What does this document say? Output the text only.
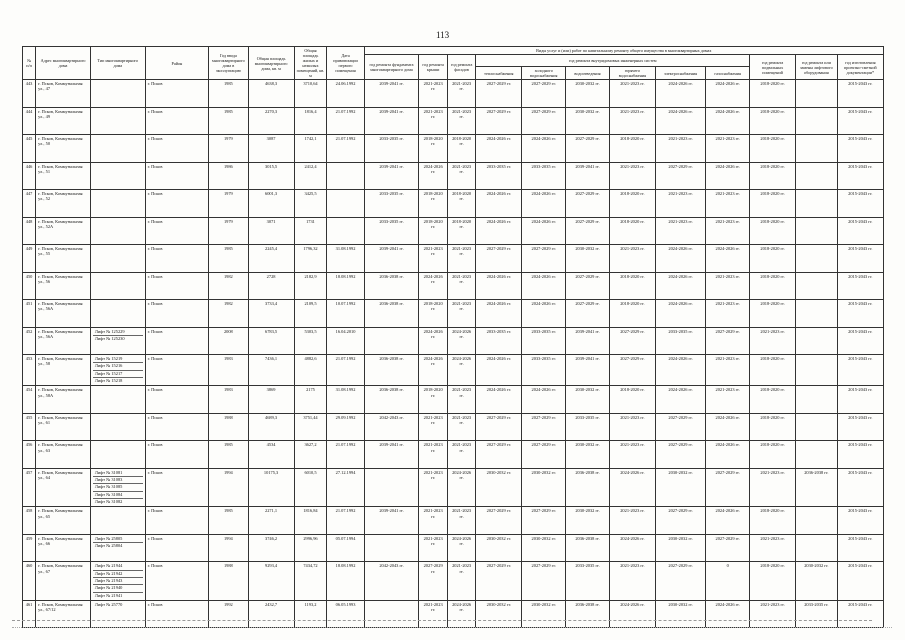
113
№ п/п	Адрес многоквартирного дома	Тип многоквартирного дома	Район	Год ввода многоквартирного дома в эксплуатацию	Общая площадь многоквартирного дома, кв. м	Общая площадь жилых и нежилых помещений, кв. м	Дата приватизации первого помещения	Виды услуг и (или) работ по капитальному ремонту общего имущества в многоквартирных домах											
								год ремонта фундамента многоквартирного дома	год ремонта крыши	год ремонта фасадов	год ремонта внутридомовых инженерных систем						год ремонта подвальных помещений	год ремонта или замены лифтового оборудования	год изготовления проектно-сметной документации*
											теплоснабжения	холодного водоснабжения	водоотведения	горячего водоснабжения	электроснабжения	газоснабжения			
443	г. Псков, Коммунальная ул., 47		г. Псков	1985	4638,3	3710,64	24.06.1992	2039-2041 гг.	2021-2023 гг.	2021-2023 гг.	2027-2029 гг.	2027-2029 гг.	2030-2032 гг.	2021-2023 гг.	2024-2026 гг.	2024-2026 гг.	2018-2020 гг.		2015-2043 гг.
444	г. Псков, Коммунальная ул., 49		г. Псков	1985	2270,3	1816,4	21.07.1992	2039-2041 гг.	2021-2023 гг.	2021-2023 гг.	2027-2029 гг.	2027-2029 гг.	2030-2032 гг.	2021-2023 гг.	2024-2026 гг.	2024-2026 гг.	2018-2020 гг.		2015-2043 гг.
445	г. Псков, Коммунальная ул., 50		г. Псков	1979	3087	1742,1	21.07.1992	2033-2035 гг.	2018-2020 гг.	2018-2020 гг.	2024-2026 гг.	2024-2026 гг.	2027-2029 гг.	2018-2020 гг.	2021-2023 гг.	2021-2023 гг.	2018-2020 гг.		2015-2043 гг.
446	г. Псков, Коммунальная ул., 51		г. Псков	1986	3015,5	2412,4		2039-2041 гг.	2024-2026 гг.	2021-2023 гг.	2033-2035 гг.	2033-2035 гг.	2039-2041 гг.	2021-2023 гг.	2027-2029 гг.	2024-2026 гг.	2018-2020 гг.		2015-2043 гг.
447	г. Псков, Коммунальная ул., 52		г. Псков	1979	6001,3	3425,5		2033-2035 гг.	2018-2020 гг.	2018-2020 гг.	2024-2026 гг.	2024-2026 гг.	2027-2029 гг.	2018-2020 гг.	2021-2023 гг.	2021-2023 гг.	2018-2020 гг.		2015-2043 гг.
448	г. Псков, Коммунальная ул., 52А		г. Псков	1979	3071	1731		2033-2035 гг.	2018-2020 гг.	2018-2020 гг.	2024-2026 гг.	2024-2026 гг.	2027-2029 гг.	2018-2020 гг.	2021-2023 гг.	2021-2023 гг.	2018-2020 гг.		2015-2043 гг.
449	г. Псков, Коммунальная ул., 55		г. Псков	1985	2245,4	1796,32	31.08.1992	2039-2041 гг.	2021-2023 гг.	2021-2023 гг.	2027-2029 гг.	2027-2029 гг.	2030-2032 гг.	2021-2023 гг.	2024-2026 гг.	2024-2026 гг.	2018-2020 гг.		2015-2043 гг.
450	г. Псков, Коммунальная ул., 56		г. Псков	1982	2728	2182,9	18.08.1992	2036-2038 гг.	2024-2026 гг.	2021-2023 гг.	2024-2026 гг.	2024-2026 гг.	2027-2029 гг.	2018-2020 гг.	2024-2026 гг.	2021-2023 гг.	2018-2020 гг.		2015-2043 гг.
451	г. Псков, Коммунальная ул., 56А		г. Псков	1982	3733,4	2109,5	10.07.1992	2036-2038 гг.	2018-2020 гг.	2021-2023 гг.	2024-2026 гг.	2024-2026 гг.	2027-2029 гг.	2018-2020 гг.	2024-2026 гг.	2021-2023 гг.	2018-2020 гг.		2015-2043 гг.
452	г. Псков, Коммунальная ул., 56А	Лифт № 125229
Лифт № 125230	г. Псков	2008	6783,5	5303,5	16.04.2010		2024-2026 гг.	2024-2026 гг.	2033-2035 гг.	2033-2035 гг.	2039-2041 гг.	2027-2029 гг.	2033-2035 гг.	2027-2029 гг.	2021-2023 гг.		2015-2043 гг.
453	г. Псков, Коммунальная ул., 58	Лифт № 15219
Лифт № 15216
Лифт № 15217
Лифт № 15218	г. Псков	1983	7436,1	4882,6	21.07.1992	2036-2038 гг.	2024-2026 гг.	2024-2026 гг.	2024-2026 гг.	2033-2035 гг.	2039-2041 гг.	2027-2029 гг.	2024-2026 гг.	2021-2023 гг.	2018-2020 гг.		2015-2043 гг.
454	г. Псков, Коммунальная ул., 58А		г. Псков	1983	3869	2175	31.08.1992	2036-2038 гг.	2018-2020 гг.	2021-2023 гг.	2024-2026 гг.	2024-2026 гг.	2030-2032 гг.	2018-2020 гг.	2024-2026 гг.	2021-2023 гг.	2018-2020 гг.		2015-2043 гг.
455	г. Псков, Коммунальная ул., 61		г. Псков	1988	4689,3	3751,44	29.09.1992	2042-2043 гг.	2021-2023 гг.	2021-2023 гг.	2027-2029 гг.	2027-2029 гг.	2033-2035 гг.	2021-2023 гг.	2027-2029 гг.	2024-2026 гг.	2018-2020 гг.		2015-2043 гг.
456	г. Псков, Коммунальная ул., 63		г. Псков	1985	4534	3627,2	21.07.1992	2039-2041 гг.	2021-2023 гг.	2021-2023 гг.	2027-2029 гг.	2027-2029 гг.	2030-2032 гг.	2021-2023 гг.	2027-2029 гг.	2024-2026 гг.	2018-2020 гг.		2015-2043 гг.
457	г. Псков, Коммунальная ул., 64	Лифт № 31081
Лифт № 31083
Лифт № 31085
Лифт № 31084
Лифт № 31082	г. Псков	1994	10175,3	6010,5	27.12.1994		2021-2023 гг.	2024-2026 гг.	2030-2032 гг.	2030-2032 гг.	2036-2038 гг.	2024-2026 гг.	2030-2032 гг.	2027-2029 гг.	2021-2023 гг.	2036-2038 гг.	2015-2043 гг.
458	г. Псков, Коммунальная ул., 65		г. Псков	1985	2271,1	1816,84	21.07.1992	2039-2041 гг.	2021-2023 гг.	2021-2023 гг.	2027-2029 гг.	2027-2029 гг.	2030-2032 гг.	2021-2023 гг.	2027-2029 гг.	2024-2026 гг.	2018-2020 гг.		2015-2043 гг.
459	г. Псков, Коммунальная ул., 66	Лифт № 25805
Лифт № 25804	г. Псков	1994	3746,2	2996,96	05.07.1994		2021-2023 гг.	2024-2026 гг.	2030-2032 гг.	2030-2032 гг.	2036-2038 гг.	2024-2026 гг.	2030-2032 гг.	2027-2029 гг.	2021-2023 гг.		2015-2043 гг.
460	г. Псков, Коммунальная ул., 67	Лифт № 21944
Лифт № 21942
Лифт № 21943
Лифт № 21940
Лифт № 21941	г. Псков	1988	9293,4	7434,72	18.08.1992	2042-2043 гг.	2027-2029 гг.	2021-2023 гг.	2027-2029 гг.	2027-2029 гг.	2033-2035 гг.	2021-2023 гг.	2027-2029 гг.	0	2018-2020 гг.	2030-2032 гг.	2015-2043 гг.
461	г. Псков, Коммунальная ул., 67/12	Лифт № 25770	г. Псков	1992	2432,7	1193,2	06.05.1993		2021-2023 гг.	2024-2026 гг.	2030-2032 гг.	2030-2032 гг.	2036-2038 гг.	2024-2026 гг.	2030-2032 гг.	2024-2026 гг.	2021-2023 гг.	2033-2035 гг.	2015-2043 гг.
